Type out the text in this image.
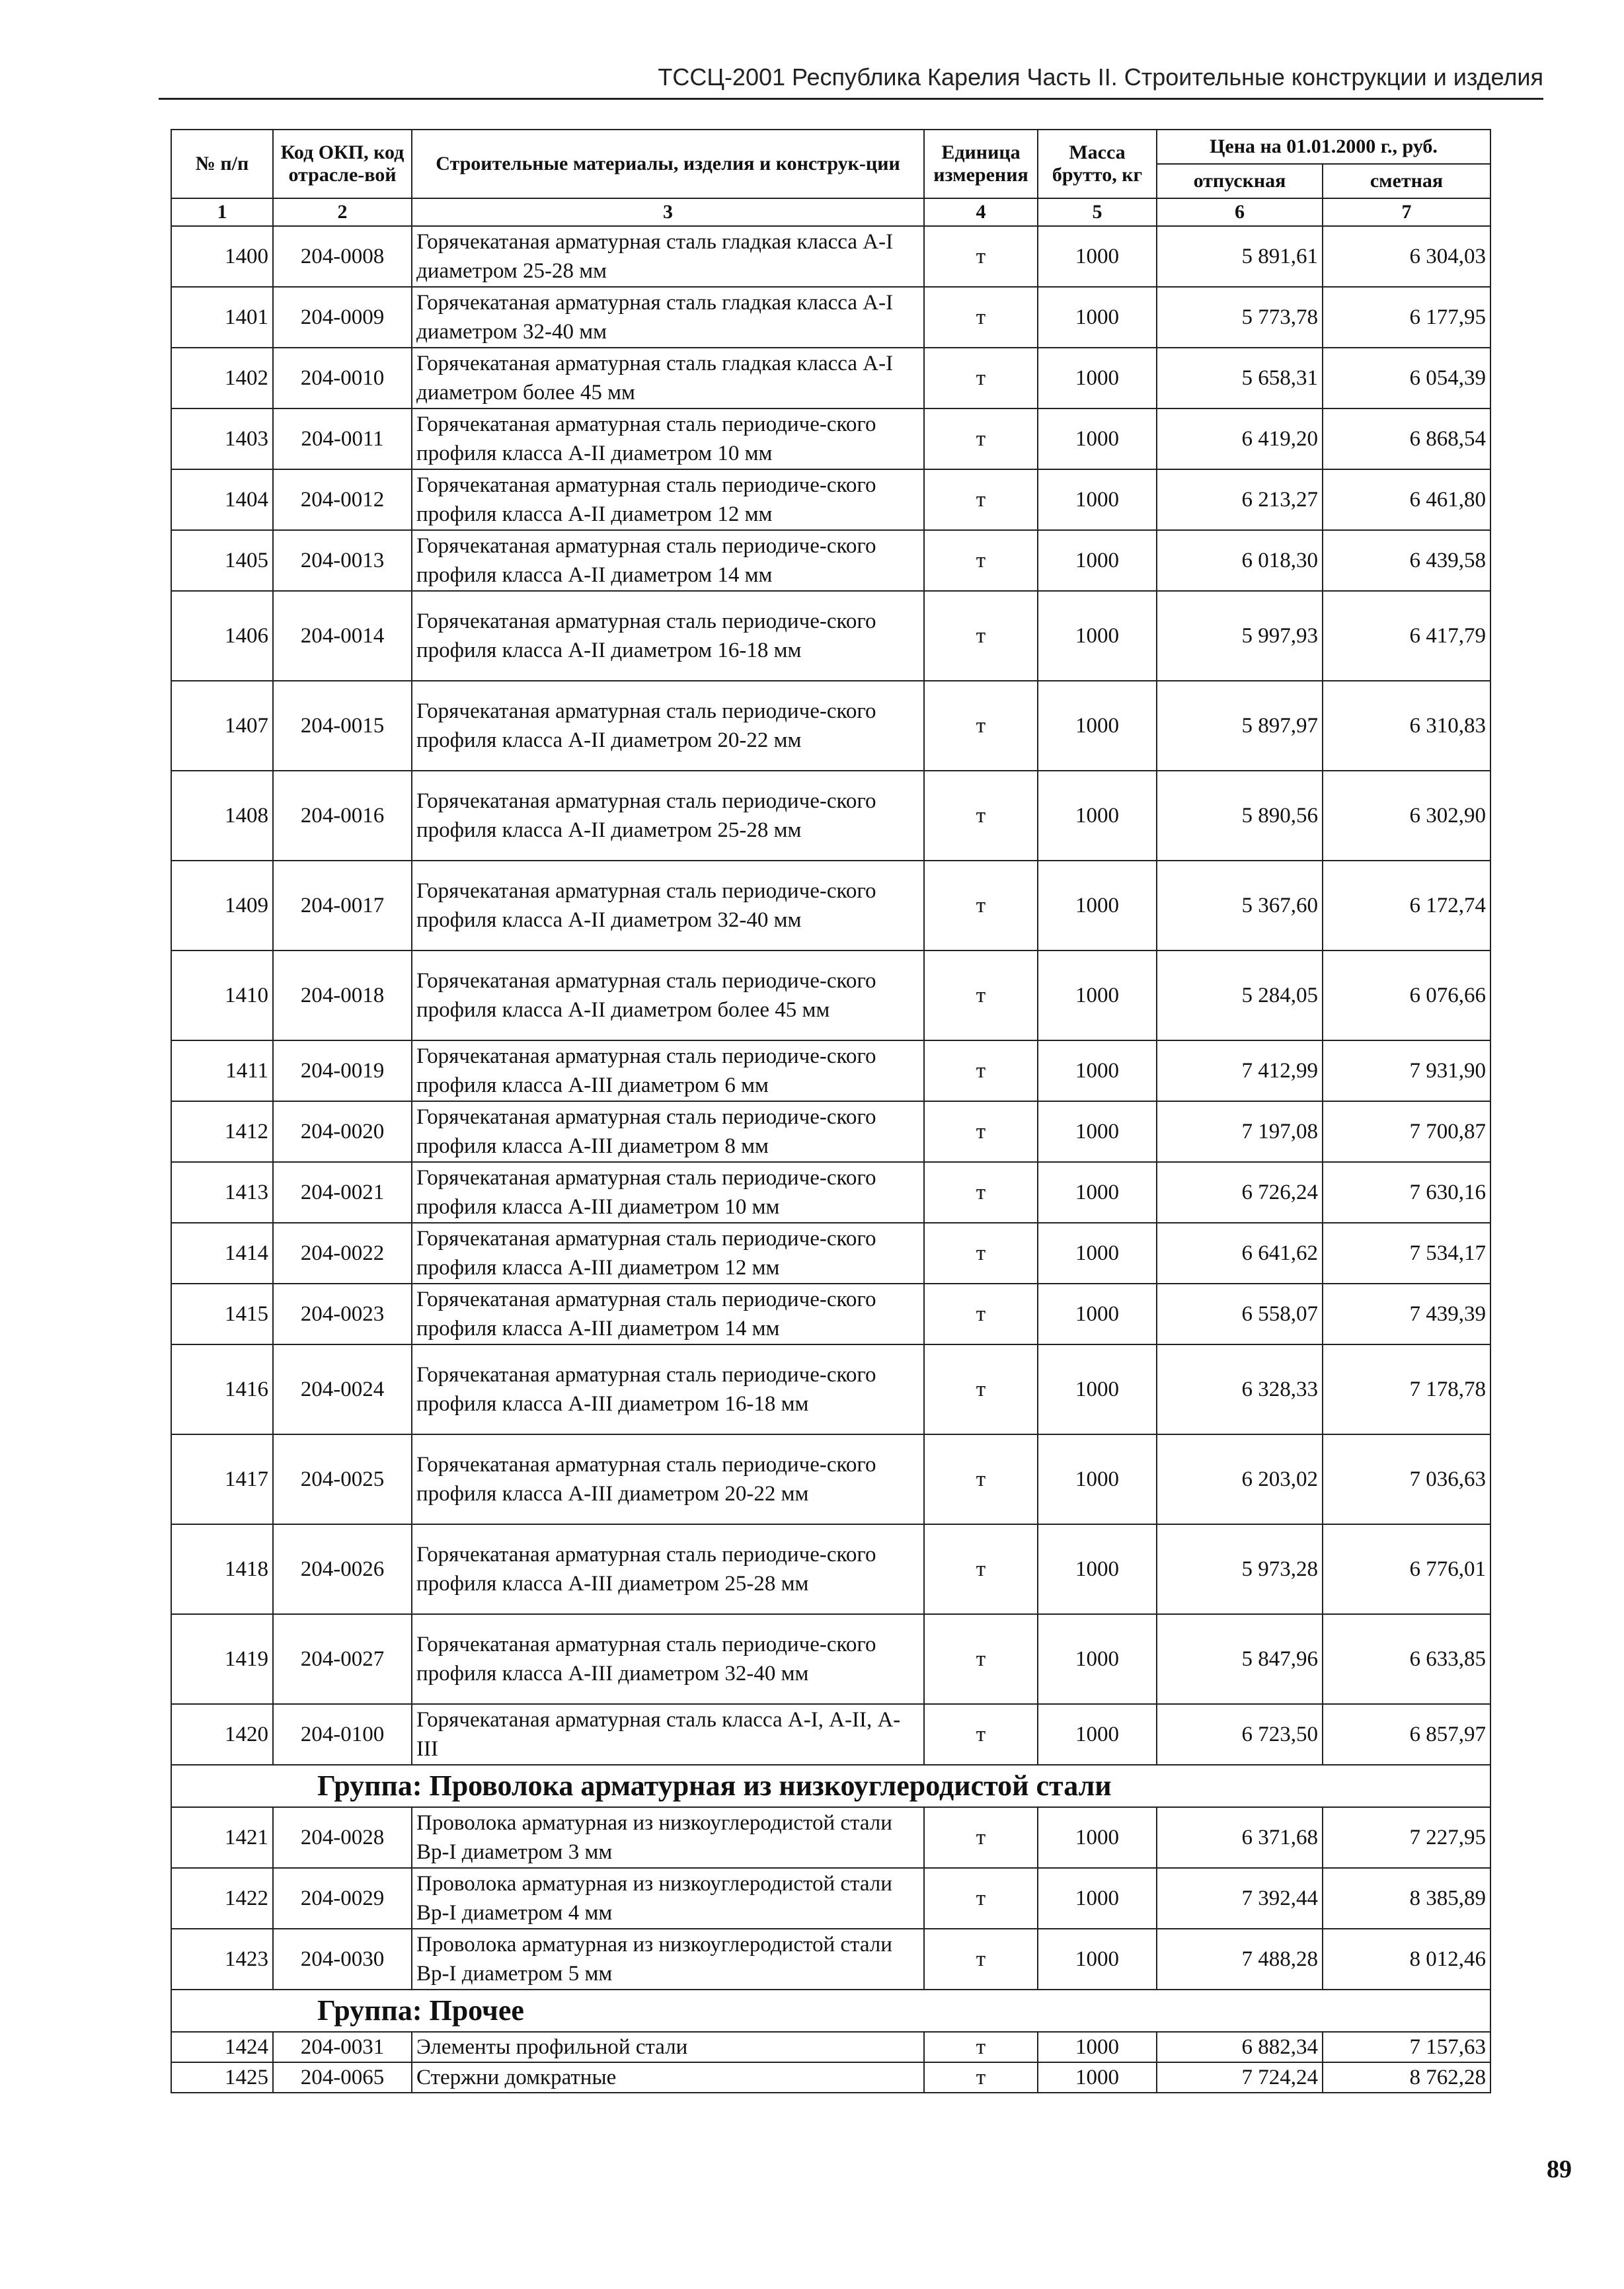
ТССЦ-2001 Республика Карелия Часть II. Строительные конструкции и изделия
№ п/п	Код ОКП, код отрасле-вой	Строительные материалы, изделия и конструк-ции	Единица измерения	Масса брутто, кг	Цена на 01.01.2000 г., руб.	
					отпускная	сметная
1	2	3	4	5	6	7
1400	204-0008	Горячекатаная арматурная сталь гладкая класса А-I диаметром 25-28 мм	т	1000	5 891,61	6 304,03
1401	204-0009	Горячекатаная арматурная сталь гладкая класса А-I диаметром 32-40 мм	т	1000	5 773,78	6 177,95
1402	204-0010	Горячекатаная арматурная сталь гладкая класса А-I диаметром более 45 мм	т	1000	5 658,31	6 054,39
1403	204-0011	Горячекатаная арматурная сталь периодиче-ского профиля класса А-II диаметром 10 мм	т	1000	6 419,20	6 868,54
1404	204-0012	Горячекатаная арматурная сталь периодиче-ского профиля класса А-II диаметром 12 мм	т	1000	6 213,27	6 461,80
1405	204-0013	Горячекатаная арматурная сталь периодиче-ского профиля класса А-II диаметром 14 мм	т	1000	6 018,30	6 439,58
1406	204-0014	Горячекатаная арматурная сталь периодиче-ского профиля класса А-II диаметром 16-18 мм	т	1000	5 997,93	6 417,79
1407	204-0015	Горячекатаная арматурная сталь периодиче-ского профиля класса А-II диаметром 20-22 мм	т	1000	5 897,97	6 310,83
1408	204-0016	Горячекатаная арматурная сталь периодиче-ского профиля класса А-II диаметром 25-28 мм	т	1000	5 890,56	6 302,90
1409	204-0017	Горячекатаная арматурная сталь периодиче-ского профиля класса А-II диаметром 32-40 мм	т	1000	5 367,60	6 172,74
1410	204-0018	Горячекатаная арматурная сталь периодиче-ского профиля класса А-II диаметром более 45 мм	т	1000	5 284,05	6 076,66
1411	204-0019	Горячекатаная арматурная сталь периодиче-ского профиля класса А-III диаметром 6 мм	т	1000	7 412,99	7 931,90
1412	204-0020	Горячекатаная арматурная сталь периодиче-ского профиля класса А-III диаметром 8 мм	т	1000	7 197,08	7 700,87
1413	204-0021	Горячекатаная арматурная сталь периодиче-ского профиля класса А-III диаметром 10 мм	т	1000	6 726,24	7 630,16
1414	204-0022	Горячекатаная арматурная сталь периодиче-ского профиля класса А-III диаметром 12 мм	т	1000	6 641,62	7 534,17
1415	204-0023	Горячекатаная арматурная сталь периодиче-ского профиля класса А-III диаметром 14 мм	т	1000	6 558,07	7 439,39
1416	204-0024	Горячекатаная арматурная сталь периодиче-ского профиля класса А-III диаметром 16-18 мм	т	1000	6 328,33	7 178,78
1417	204-0025	Горячекатаная арматурная сталь периодиче-ского профиля класса А-III диаметром 20-22 мм	т	1000	6 203,02	7 036,63
1418	204-0026	Горячекатаная арматурная сталь периодиче-ского профиля класса А-III диаметром 25-28 мм	т	1000	5 973,28	6 776,01
1419	204-0027	Горячекатаная арматурная сталь периодиче-ского профиля класса А-III диаметром 32-40 мм	т	1000	5 847,96	6 633,85
1420	204-0100	Горячекатаная арматурная сталь класса А-I, А-II, А-III	т	1000	6 723,50	6 857,97
Группа: Проволока арматурная из низкоуглеродистой стали						
1421	204-0028	Проволока арматурная из низкоуглеродистой стали Вр-I диаметром 3 мм	т	1000	6 371,68	7 227,95
1422	204-0029	Проволока арматурная из низкоуглеродистой стали Вр-I диаметром 4 мм	т	1000	7 392,44	8 385,89
1423	204-0030	Проволока арматурная из низкоуглеродистой стали Вр-I диаметром 5 мм	т	1000	7 488,28	8 012,46
Группа: Прочее						
1424	204-0031	Элементы профильной стали	т	1000	6 882,34	7 157,63
1425	204-0065	Стержни домкратные	т	1000	7 724,24	8 762,28
89
